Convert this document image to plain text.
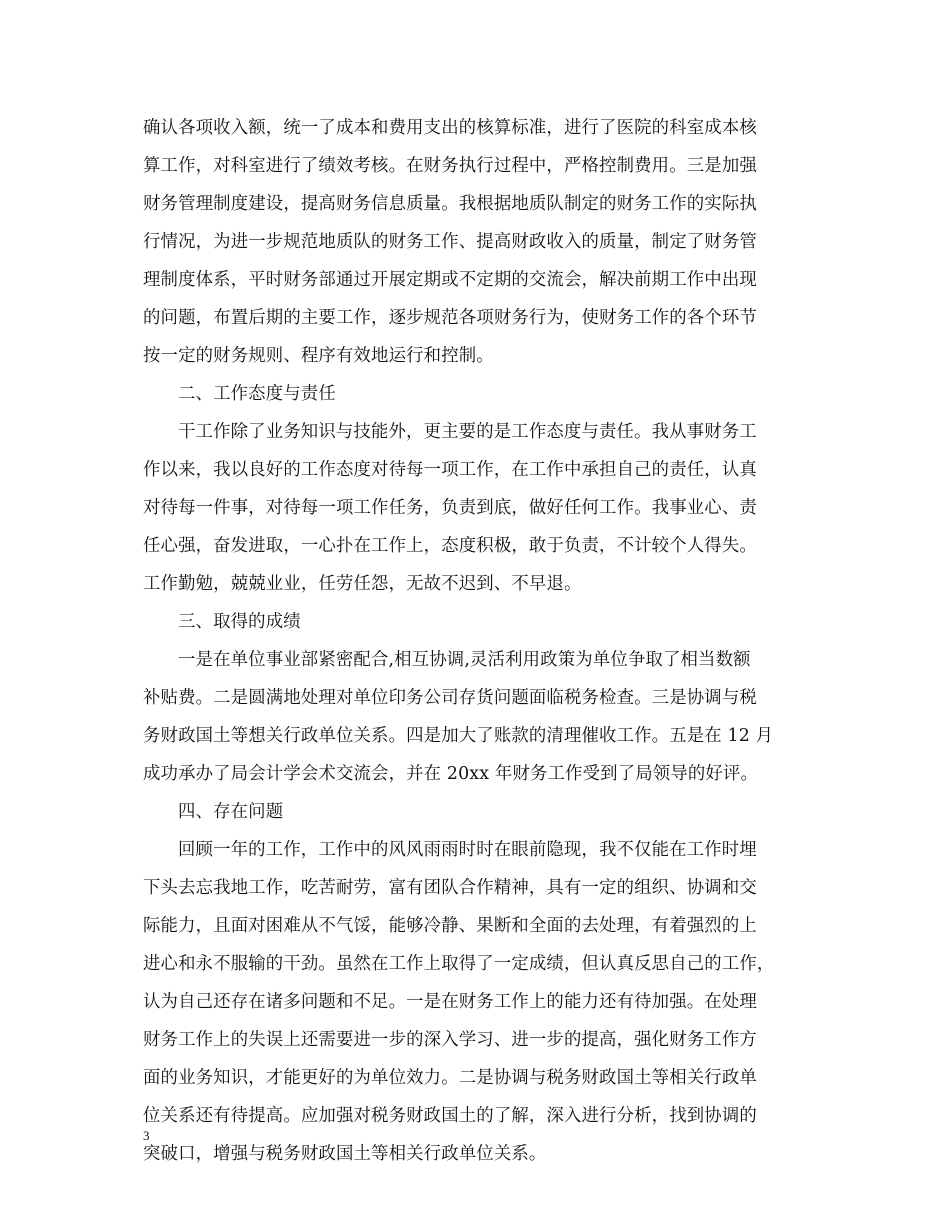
确认各项收入额，统一了成本和费用支出的核算标准，进行了医院的科室成本核
算工作，对科室进行了绩效考核。在财务执行过程中，严格控制费用。三是加强
财务管理制度建设，提高财务信息质量。我根据地质队制定的财务工作的实际执
行情况，为进一步规范地质队的财务工作、提高财政收入的质量，制定了财务管
理制度体系，平时财务部通过开展定期或不定期的交流会，解决前期工作中出现
的问题，布置后期的主要工作，逐步规范各项财务行为，使财务工作的各个环节
按一定的财务规则、程序有效地运行和控制。
二、工作态度与责任
干工作除了业务知识与技能外，更主要的是工作态度与责任。我从事财务工
作以来，我以良好的工作态度对待每一项工作，在工作中承担自己的责任，认真
对待每一件事，对待每一项工作任务，负责到底，做好任何工作。我事业心、责
任心强，奋发进取，一心扑在工作上，态度积极，敢于负责，不计较个人得失。
工作勤勉，兢兢业业，任劳任怨，无故不迟到、不早退。
三、取得的成绩
一是在单位事业部紧密配合,相互协调,灵活利用政策为单位争取了相当数额
补贴费。二是圆满地处理对单位印务公司存货问题面临税务检查。三是协调与税
务财政国土等想关行政单位关系。四是加大了账款的清理催收工作。五是在 12 月
成功承办了局会计学会术交流会，并在 20xx 年财务工作受到了局领导的好评。
四、存在问题
回顾一年的工作，工作中的风风雨雨时时在眼前隐现，我不仅能在工作时埋
下头去忘我地工作，吃苦耐劳，富有团队合作精神，具有一定的组织、协调和交
际能力，且面对困难从不气馁，能够冷静、果断和全面的去处理，有着强烈的上
进心和永不服输的干劲。虽然在工作上取得了一定成绩，但认真反思自己的工作，
认为自己还存在诸多问题和不足。一是在财务工作上的能力还有待加强。在处理
财务工作上的失误上还需要进一步的深入学习、进一步的提高，强化财务工作方
面的业务知识，才能更好的为单位效力。二是协调与税务财政国土等相关行政单
位关系还有待提高。应加强对税务财政国土的了解，深入进行分析，找到协调的
突破口，增强与税务财政国土等相关行政单位关系。
3
